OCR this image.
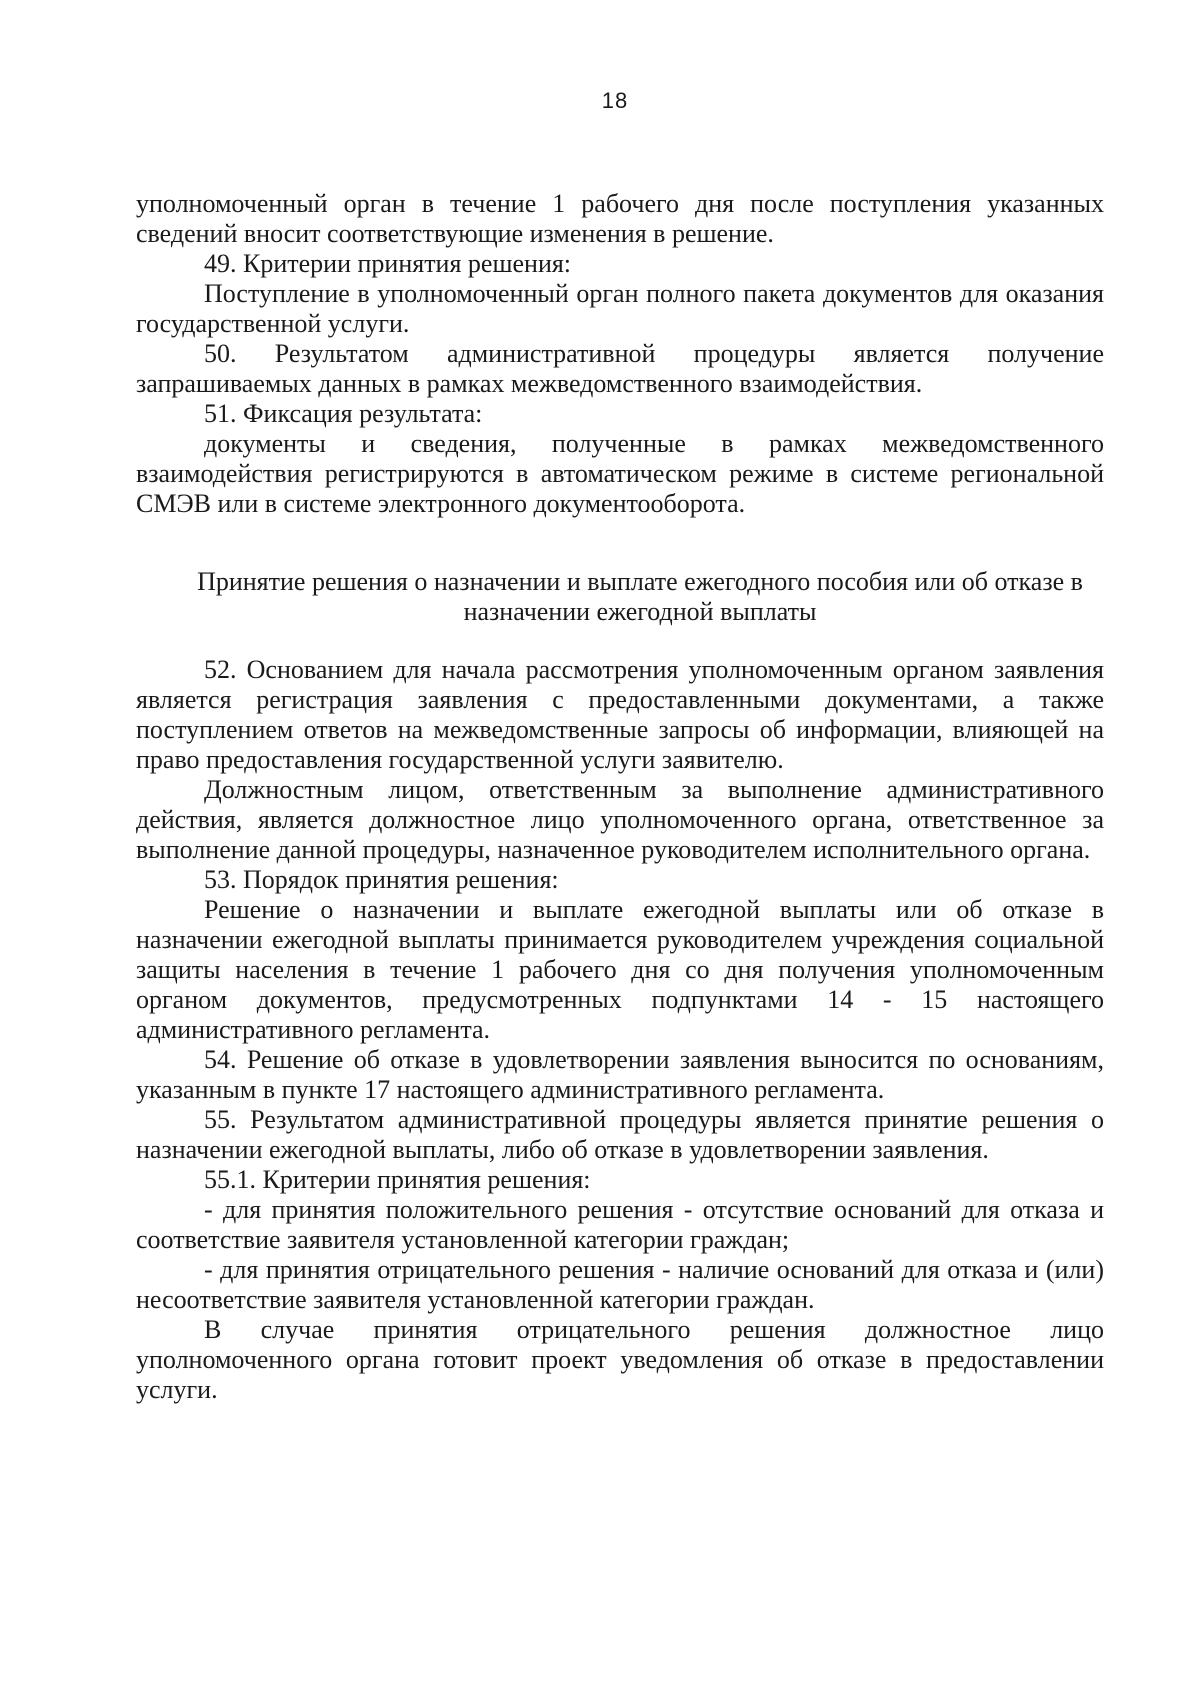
18

уполномоченный орган в течение 1 рабочего дня после поступления указанных сведений вносит соответствующие изменения в решение.

49. Критерии принятия решения:

Поступление в уполномоченный орган полного пакета документов для оказания государственной услуги.

50. Результатом административной процедуры является получение запрашиваемых данных в рамках межведомственного взаимодействия.

51. Фиксация результата:

документы и сведения, полученные в рамках межведомственного взаимодействия регистрируются в автоматическом режиме в системе региональной СМЭВ или в системе электронного документооборота.

Принятие решения о назначении и выплате ежегодного пособия или об отказе в назначении ежегодной выплаты

52. Основанием для начала рассмотрения уполномоченным органом заявления является регистрация заявления с предоставленными документами, а также поступлением ответов на межведомственные запросы об информации, влияющей на право предоставления государственной услуги заявителю.

Должностным лицом, ответственным за выполнение административного действия, является должностное лицо уполномоченного органа, ответственное за выполнение данной процедуры, назначенное руководителем исполнительного органа.

53. Порядок принятия решения:

Решение о назначении и выплате ежегодной выплаты или об отказе в назначении ежегодной выплаты принимается руководителем учреждения социальной защиты населения в течение 1 рабочего дня со дня получения уполномоченным органом документов, предусмотренных подпунктами 14 - 15 настоящего административного регламента.

54. Решение об отказе в удовлетворении заявления выносится по основаниям, указанным в пункте 17 настоящего административного регламента.

55. Результатом административной процедуры является принятие решения о назначении ежегодной выплаты, либо об отказе в удовлетворении заявления.

55.1. Критерии принятия решения:

- для принятия положительного решения - отсутствие оснований для отказа и соответствие заявителя установленной категории граждан;

- для принятия отрицательного решения - наличие оснований для отказа и (или) несоответствие заявителя установленной категории граждан.

В случае принятия отрицательного решения должностное лицо уполномоченного органа готовит проект уведомления об отказе в предоставлении услуги.
